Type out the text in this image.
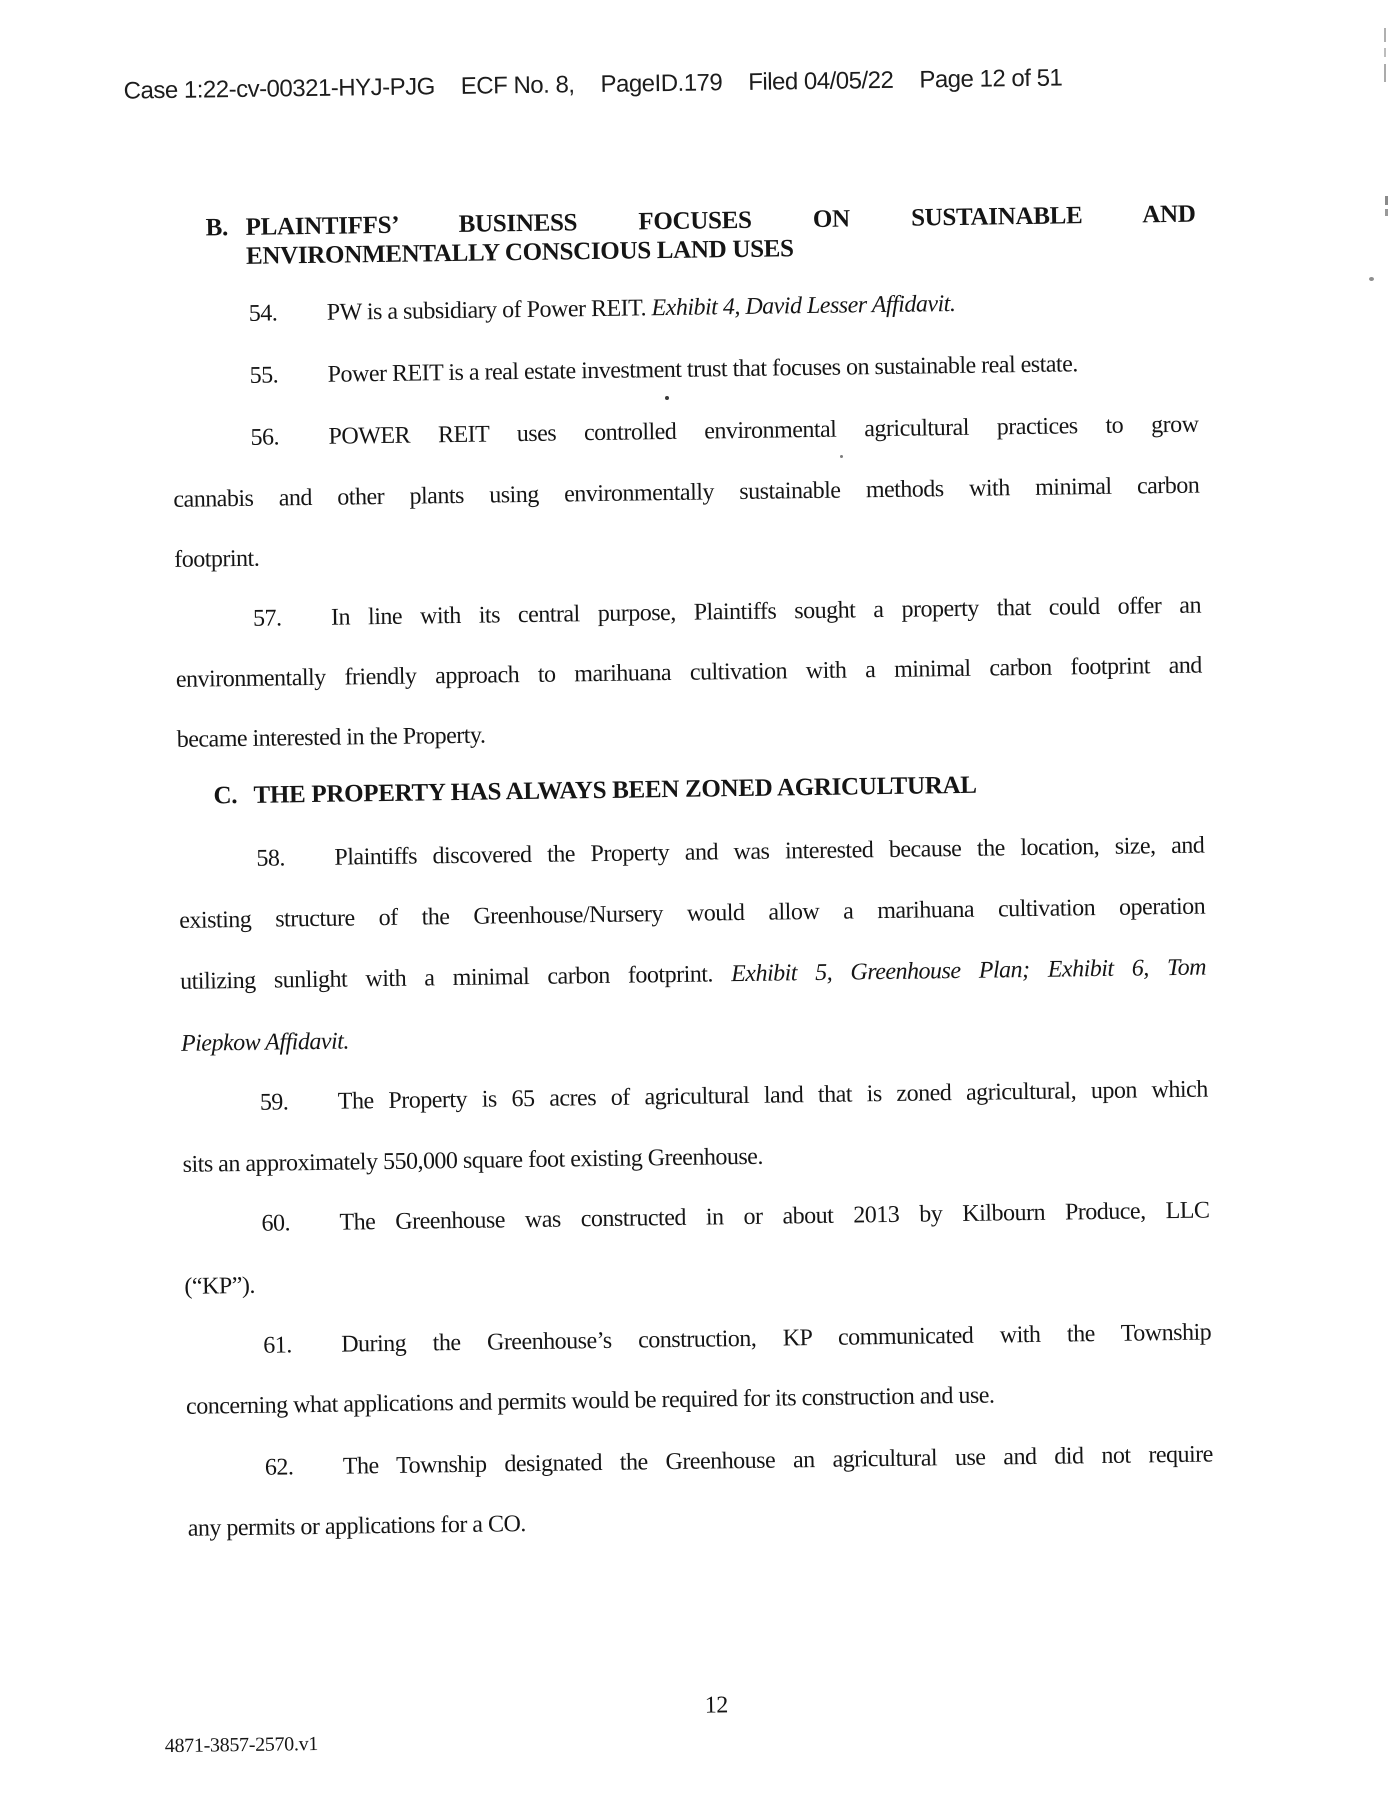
Case 1:22-cv-00321-HYJ-PJG ECF No. 8, PageID.179 Filed 04/05/22 Page 12 of 51
B. PLAINTIFFS’ BUSINESS FOCUSES ON SUSTAINABLE AND
ENVIRONMENTALLY CONSCIOUS LAND USES
54. PW is a subsidiary of Power REIT. Exhibit 4, David Lesser Affidavit.
55. Power REIT is a real estate investment trust that focuses on sustainable real estate.
56. POWER REIT uses controlled environmental agricultural practices to grow
cannabis and other plants using environmentally sustainable methods with minimal carbon
footprint.
57. In line with its central purpose, Plaintiffs sought a property that could offer an
environmentally friendly approach to marihuana cultivation with a minimal carbon footprint and
became interested in the Property.
C. THE PROPERTY HAS ALWAYS BEEN ZONED AGRICULTURAL
58. Plaintiffs discovered the Property and was interested because the location, size, and
existing structure of the Greenhouse/Nursery would allow a marihuana cultivation operation
utilizing sunlight with a minimal carbon footprint. Exhibit 5, Greenhouse Plan; Exhibit 6, Tom
Piepkow Affidavit.
59. The Property is 65 acres of agricultural land that is zoned agricultural, upon which
sits an approximately 550,000 square foot existing Greenhouse.
60. The Greenhouse was constructed in or about 2013 by Kilbourn Produce, LLC
(“KP”).
61. During the Greenhouse’s construction, KP communicated with the Township
concerning what applications and permits would be required for its construction and use.
62. The Township designated the Greenhouse an agricultural use and did not require
any permits or applications for a CO.
12
4871-3857-2570.v1
